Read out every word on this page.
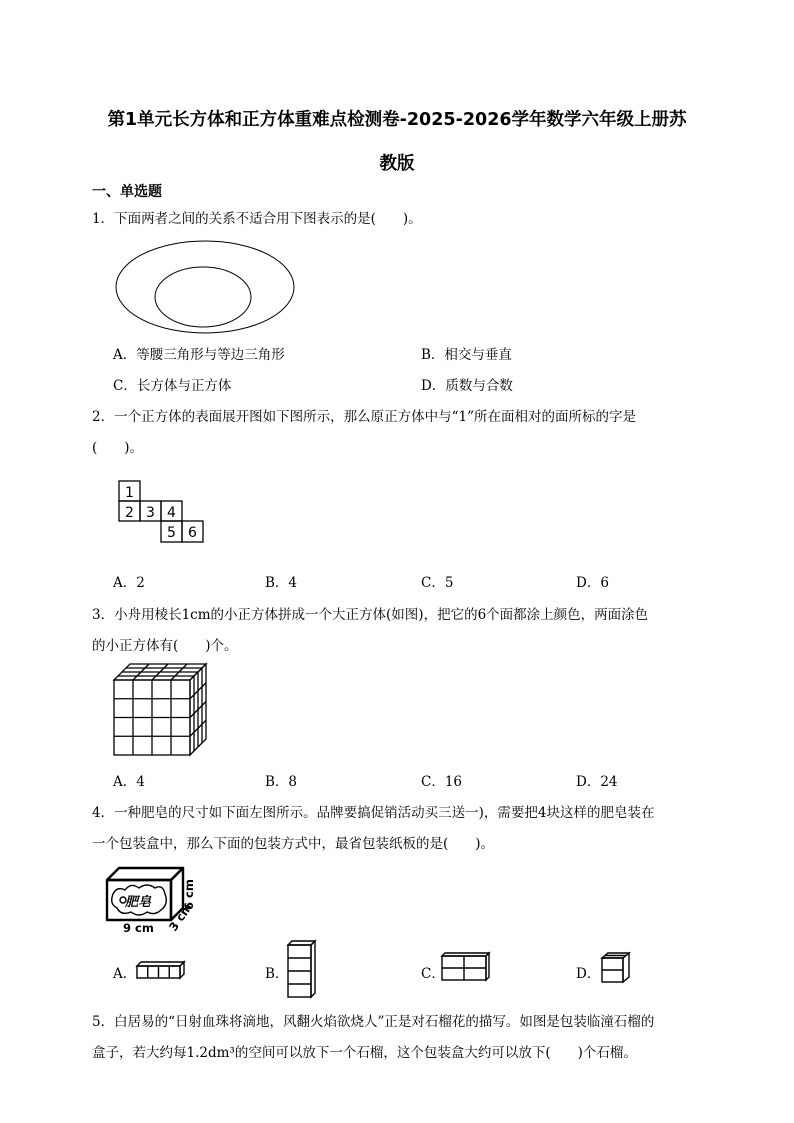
第1单元长方体和正方体重难点检测卷-2025-2026学年数学六年级上册苏
教版
一、单选题
1．下面两者之间的关系不适合用下图表示的是(　　)。
A．等腰三角形与等边三角形	B．相交与垂直
C．长方体与正方体	D．质数与合数
2．一个正方体的表面展开图如下图所示，那么原正方体中与“1”所在面相对的面所标的字是
(　　)。
1
2 3 4
5 6
A．2	B．4	C．5	D．6
3．小舟用棱长1cm的小正方体拼成一个大正方体(如图)，把它的6个面都涂上颜色，两面涂色
的小正方体有(　　)个。
A．4	B．8	C．16	D．24
4．一种肥皂的尺寸如下面左图所示。品牌要搞促销活动买三送一)，需要把4块这样的肥皂装在
一个包装盒中，那么下面的包装方式中，最省包装纸板的是(　　)。
肥皂
9 cm 3 cm
6 cm
A．	B．	C．	D．
5．白居易的“日射血珠将滴地，风翻火焰欲烧人”正是对石榴花的描写。如图是包装临潼石榴的
盒子，若大约每1.2dm³的空间可以放下一个石榴，这个包装盒大约可以放下(　　)个石榴。
